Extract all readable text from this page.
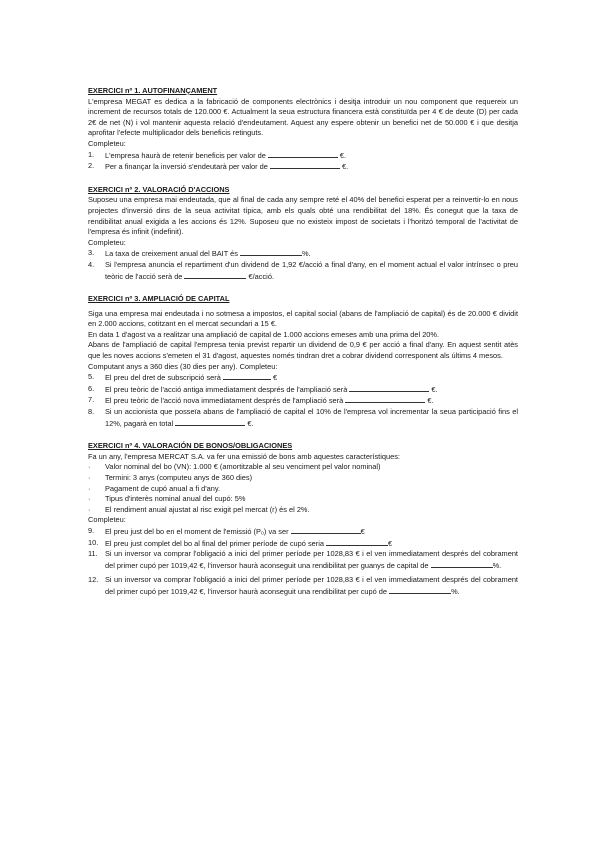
EXERCICI nº 1. AUTOFINANÇAMENT

L'empresa MEGAT es dedica a la fabricació de components electrònics i desitja introduir un nou component que requereix un increment de recursos totals de 120.000 €. Actualment la seua estructura financera està constituïda per 4 € de deute (D) per cada 2€ de net (N) i vol mantenir aquesta relació d'endeutament. Aquest any espere obtenir un benefici net de 50.000 € i que desitja aprofitar l'efecte multiplicador dels beneficis retinguts.

Completeu:

1.	L'empresa haurà de retenir beneficis per valor de	€.
2.	Per a finançar la inversió s'endeutarà per valor de	€.

EXERCICI nº 2. VALORACIÓ D'ACCIONS

Suposeu una empresa mai endeutada, que al final de cada any sempre reté el 40% del benefici esperat per a reinvertir-lo en nous projectes d'inversió dins de la seua activitat típica, amb els quals obté una rendibilitat del 18%. És conegut que la taxa de rendibilitat anual exigida a les accions és 12%. Suposeu que no existeix impost de societats i l'horitzó temporal de l'activitat de l'empresa és infinit (indefinit).

Completeu:

3.	La taxa de creixement anual del BAIT és	%.
4.	Si l'empresa anuncia el repartiment d'un dividend de 1,92 €/acció a final d'any, en el moment actual el valor intrínsec o preu teòric de l'acció serà de	€/acció.

EXERCICI nº 3. AMPLIACIÓ DE CAPITAL

Siga una empresa mai endeutada i no sotmesa a impostos, el capital social (abans de l'ampliació de capital) és de 20.000 € dividit en 2.000 accions, cotitzant en el mercat secundari a 15 €.

En data 1 d'agost va a realitzar una ampliació de capital de 1.000 accions emeses amb una prima del 20%.

Abans de l'ampliació de capital l'empresa tenia previst repartir un dividend de 0,9 € per acció a final d'any. En aquest sentit atès que les noves accions s'emeten el 31 d'agost, aquestes només tindran dret a cobrar dividend corresponent als últims 4 mesos.

Computant anys a 360 dies (30 dies per any). Completeu:

5.	El preu del dret de subscripció serà	€
6.	El preu teòric de l'acció antiga immediatament després de l'ampliació serà	€.
7.	El preu teòric de l'acció nova immediatament després de l'ampliació serà	€.
8.	Si un accionista que posseïa abans de l'ampliació de capital el 10% de l'empresa vol incrementar la seua participació fins el 12%, pagarà en total	€.

EXERCICI nº 4. VALORACIÓN DE BONOS/OBLIGACIONES

Fa un any, l'empresa MERCAT S.A. va fer una emissió de bons amb aquestes característiques:

·	Valor nominal del bo (VN): 1.000 € (amortitzable al seu venciment pel valor nominal)
·	Termini: 3 anys (computeu anys de 360 dies)
·	Pagament de cupó anual a fi d'any.
·	Tipus d'interès nominal anual del cupó: 5%
·	El rendiment anual ajustat al risc exigit pel mercat (r) és el 2%.

Completeu:

9.	El preu just del bo en el moment de l'emissió (P₀) va ser	€
10. El preu just complet del bo al final del primer període de cupó seria	€
11. Si un inversor va comprar l'obligació a inici del primer període per 1028,83 € i el ven immediatament després del cobrament del primer cupó per 1019,42 €, l'inversor haurà aconseguit una rendibilitat per guanys de capital de	%.
12. Si un inversor va comprar l'obligació a inici del primer període per 1028,83 € i el ven immediatament després del cobrament del primer cupó per 1019,42 €, l'inversor haurà aconseguit una rendibilitat per cupó de	%.
